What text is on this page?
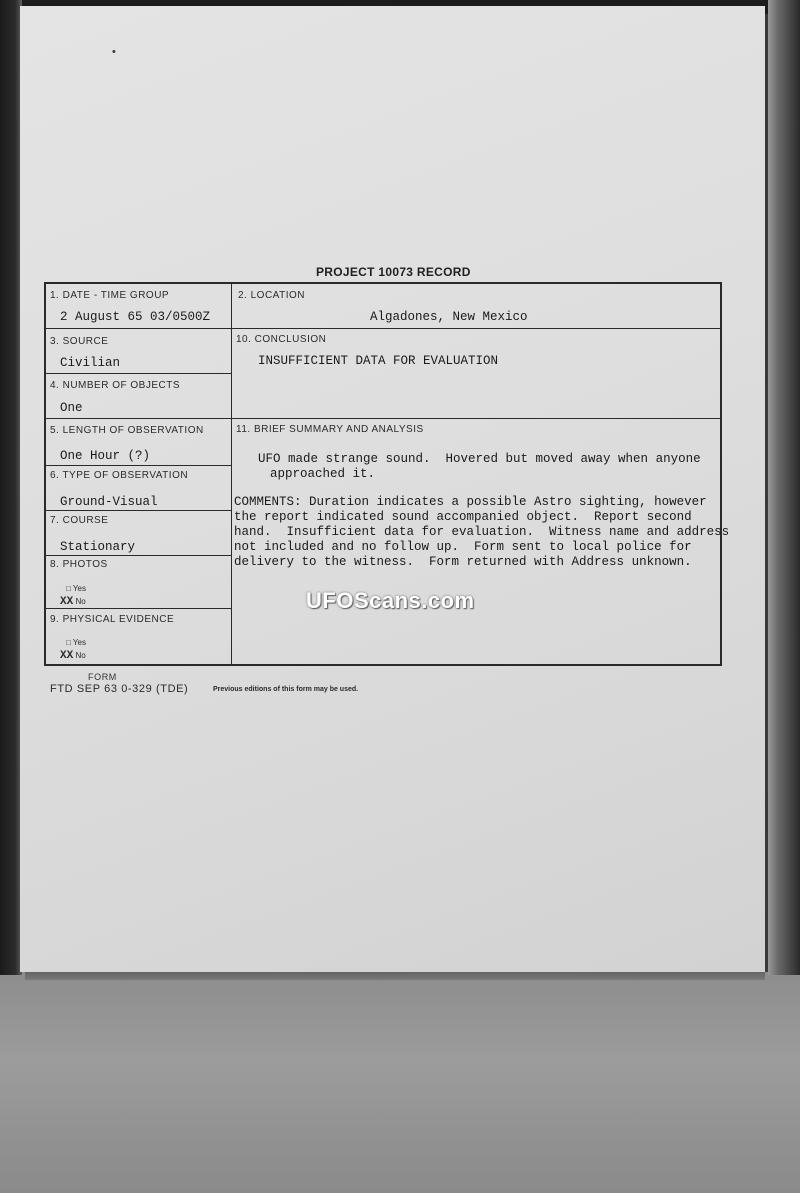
•
PROJECT 10073 RECORD
1. DATE - TIME GROUP
2 August 65 03/0500Z
2. LOCATION
Algadones, New Mexico
3. SOURCE
Civilian
10. CONCLUSION
INSUFFICIENT DATA FOR EVALUATION
4. NUMBER OF OBJECTS
One
5. LENGTH OF OBSERVATION
One Hour (?)
11. BRIEF SUMMARY AND ANALYSIS
UFO made strange sound.  Hovered but moved away when anyone
approached it.
COMMENTS: Duration indicates a possible Astro sighting, however
the report indicated sound accompanied object.  Report second
hand.  Insufficient data for evaluation.  Witness name and address
not included and no follow up.  Form sent to local police for
delivery to the witness.  Form returned with Address unknown.
6. TYPE OF OBSERVATION
Ground-Visual
7. COURSE
Stationary
8. PHOTOS
□ Yes
XX No
9. PHYSICAL EVIDENCE
□ Yes
XX No
FORM
FTD SEP 63 0-329 (TDE)	Previous editions of this form may be used.
UFOScans.com
